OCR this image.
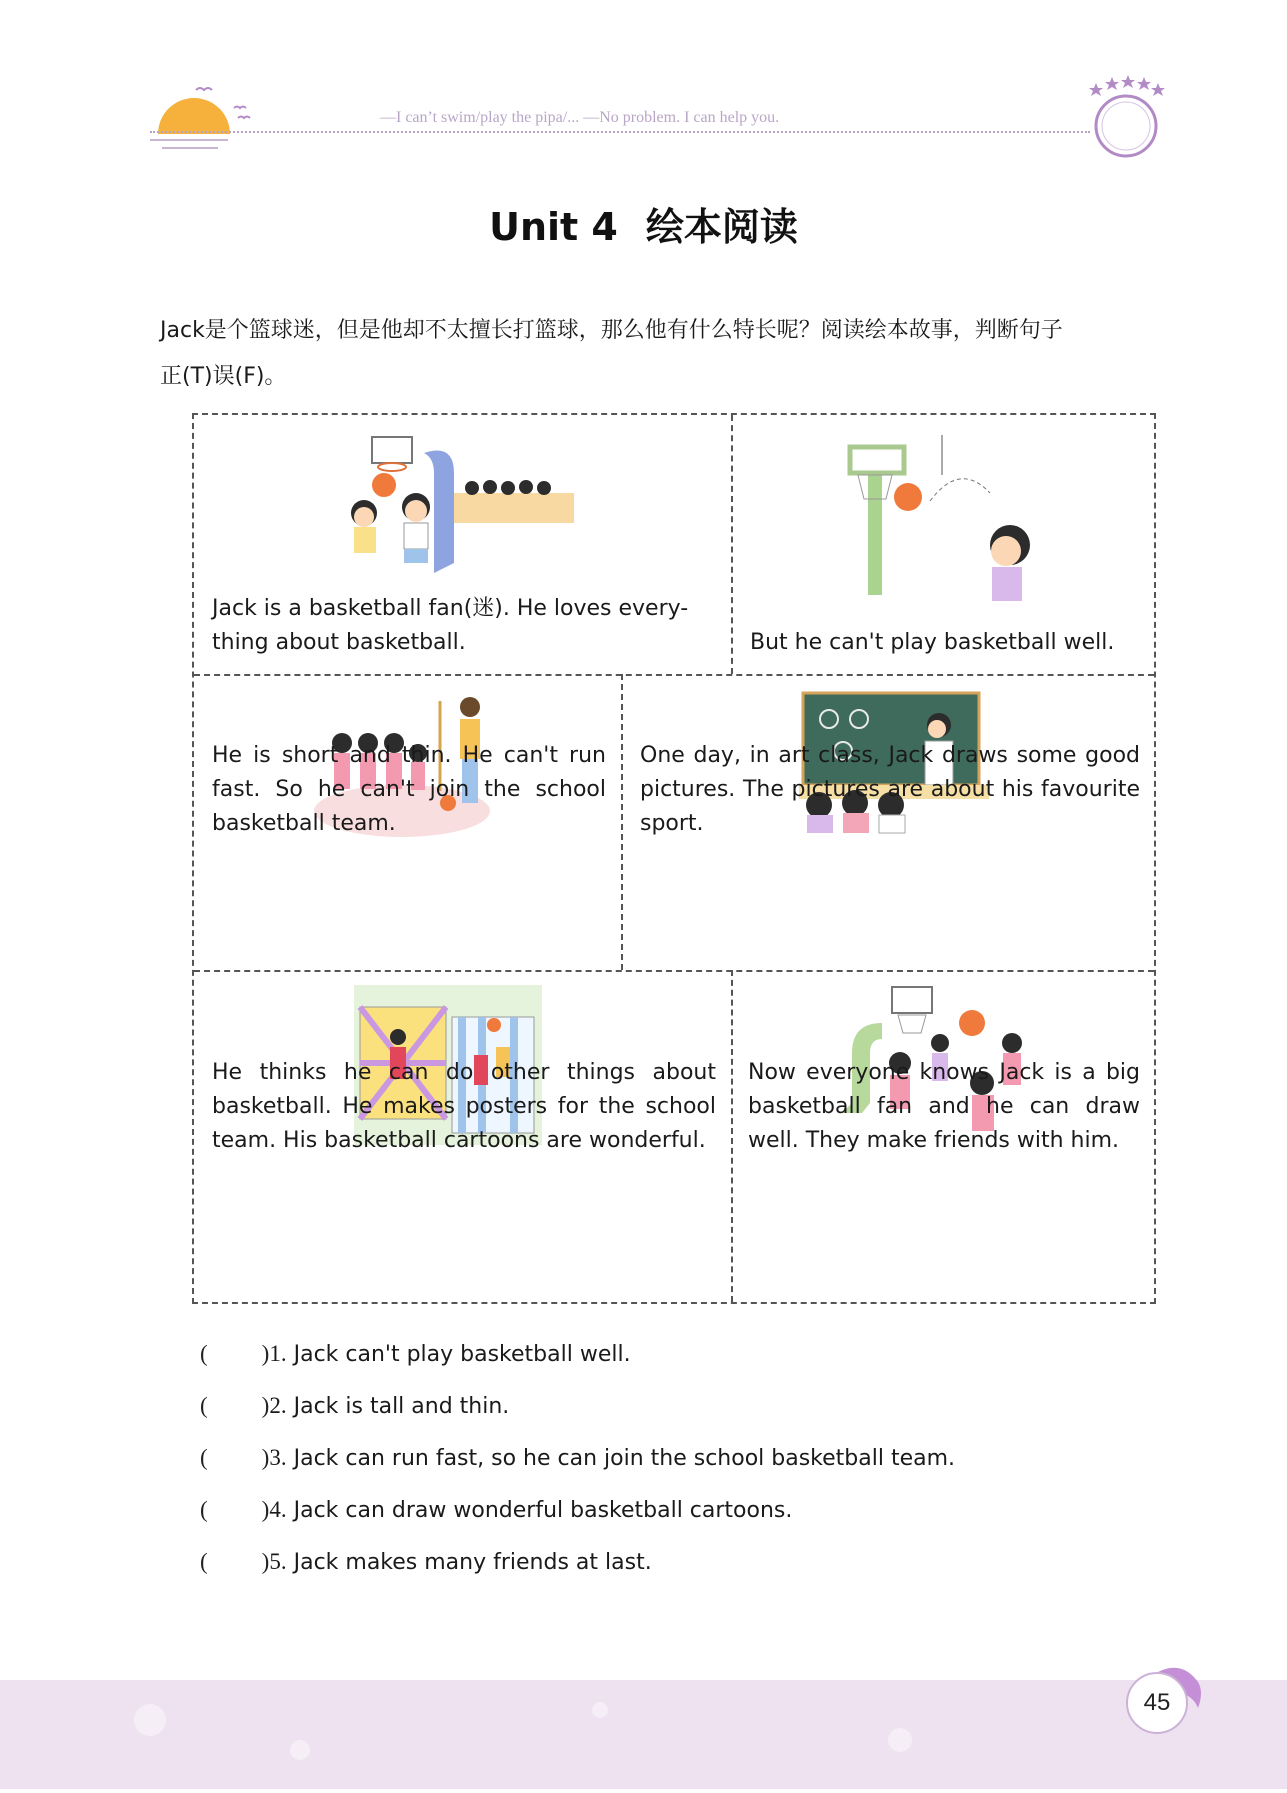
—I can’t swim/play the pipa/... —No problem. I can help you.
Unit 4 绘本阅读
Jack是个篮球迷，但是他却不太擅长打篮球，那么他有什么特长呢？阅读绘本故事，判断句子
正(T)误(F)。
Jack is a basketball fan(迷). He loves every-
thing about basketball.	But he can't play basketball well.
He is short and thin. He can't run fast. So he can't join the school basketball team.
One day, in art class, Jack draws some good pictures. The pictures are about his favourite sport.
He thinks he can do other things about basketball. He makes posters for the school team. His basketball cartoons are wonderful.
Now everyone knows Jack is a big basketball fan and he can draw well. They make friends with him.
( ) 1.
Jack can't play basketball well.
( ) 2.
Jack is tall and thin.
( ) 3.
Jack can run fast, so he can join the school basketball team.
( ) 4.
Jack can draw wonderful basketball cartoons.
( ) 5.
Jack makes many friends at last.
45
